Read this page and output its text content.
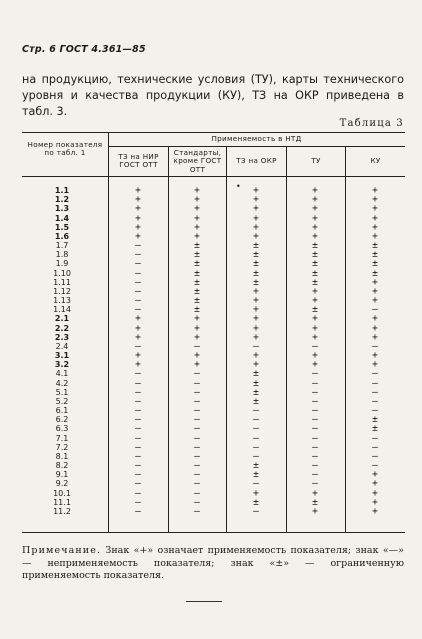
Стр. 6 ГОСТ 4.361—85
на продукцию, технические условия (ТУ), карты технического уровня и качества продукции (КУ), ТЗ на ОКР приведена в табл. 3.
Таблица 3
Номер показателя по табл. 1
Применяемость в НТД
ТЗ на НИР ГОСТ ОТТ
Стандарты, кроме ГОСТ ОТТ
ТЗ на ОКР	ТУ	КУ
•
1.1	+	+	+	+	+
1.2	+	+	+	+	+
1.3	+	+	+	+	+
1.4	+	+	+	+	+
1.5	+	+	+	+	+
1.6	+	+	+	+	+
1.7	—	±	±	±	±
1.8	—	±	±	±	±
1.9	—	±	±	±	±
1.10	—	±	±	±	±
1.11	—	±	±	±	+
1.12	—	±	+	+	+
1.13	—	±	+	+	+
1.14	—	±	+	±	—
2.1	+	+	+	+	+
2.2	+	+	+	+	+
2.3	+	+	+	+	+
2.4	—	—	—	—	—
3.1	+	+	+	+	+
3.2	+	+	+	+	+
4.1	—	—	±	—	—
4.2	—	—	±	—	—
5.1	—	—	±	—	—
5.2	—	—	±	—	—
6.1	—	—	—	—	—
6.2	—	—	—	—	±
6.3	—	—	—	—	±
7.1	—	—	—	—	—
7.2	—	—	—	—	—
8.1	—	—	—	—	—
8.2	—	—	±	—	—
9.1	—	—	±	—	+
9.2	—	—	—	—	+
10.1	—	—	+	+	+
11.1	—	—	±	±	+
11.2	—	—	—	+	+
Примечание. Знак «+» означает применяемость показателя; знак «—» — неприменяемость показателя; знак «±» — ограниченную применяемость показателя.
